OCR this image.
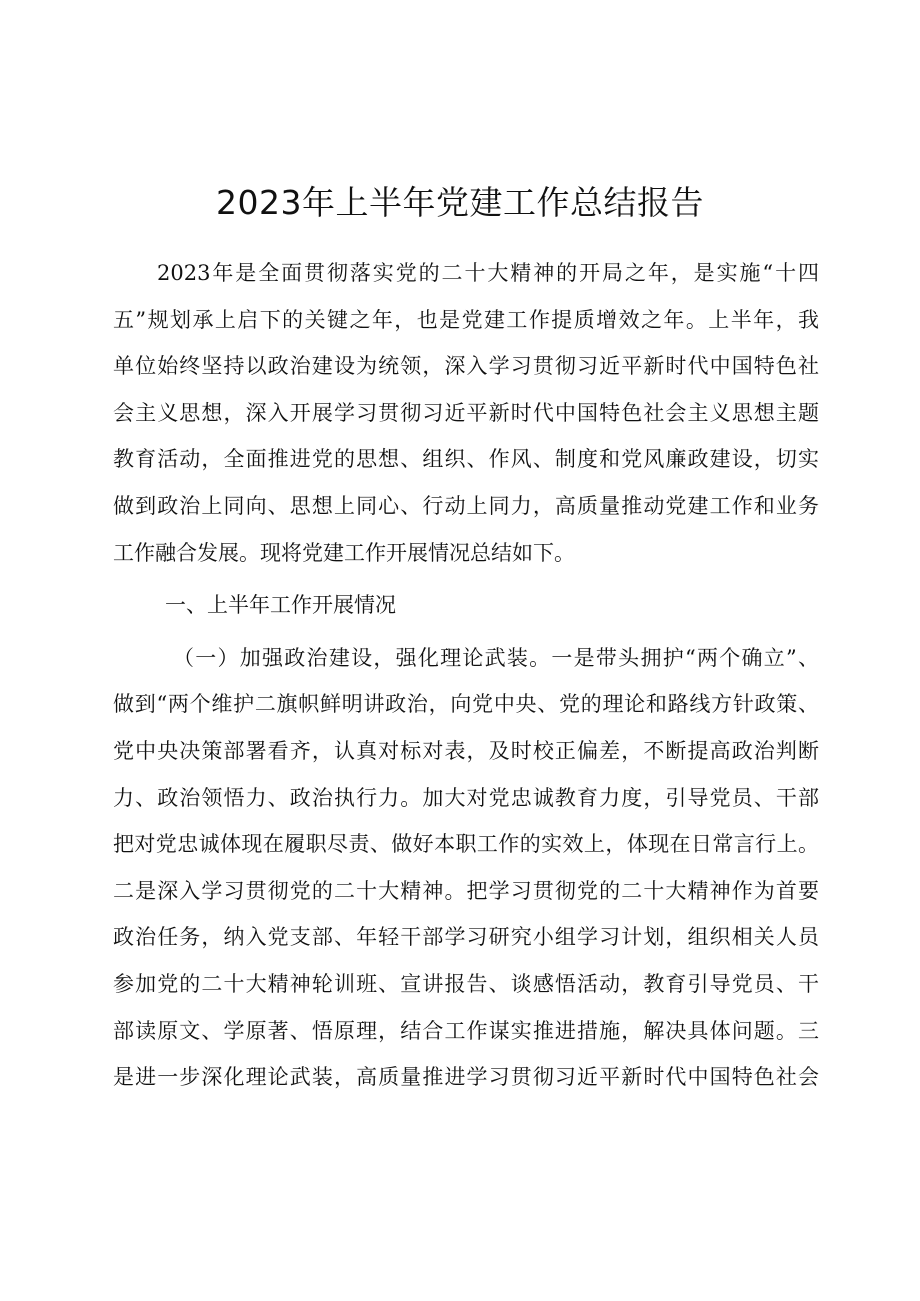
2023年上半年党建工作总结报告
2023年是全面贯彻落实党的二十大精神的开局之年，是实施“十四
五”规划承上启下的关键之年，也是党建工作提质增效之年。上半年，我
单位始终坚持以政治建设为统领，深入学习贯彻习近平新时代中国特色社
会主义思想，深入开展学习贯彻习近平新时代中国特色社会主义思想主题
教育活动，全面推进党的思想、组织、作风、制度和党风廉政建设，切实
做到政治上同向、思想上同心、行动上同力，高质量推动党建工作和业务
工作融合发展。现将党建工作开展情况总结如下。
一、上半年工作开展情况
（一）加强政治建设，强化理论武装。一是带头拥护“两个确立”、
做到“两个维护二旗帜鲜明讲政治，向党中央、党的理论和路线方针政策、
党中央决策部署看齐，认真对标对表，及时校正偏差，不断提高政治判断
力、政治领悟力、政治执行力。加大对党忠诚教育力度，引导党员、干部
把对党忠诚体现在履职尽责、做好本职工作的实效上，体现在日常言行上。
二是深入学习贯彻党的二十大精神。把学习贯彻党的二十大精神作为首要
政治任务，纳入党支部、年轻干部学习研究小组学习计划，组织相关人员
参加党的二十大精神轮训班、宣讲报告、谈感悟活动，教育引导党员、干
部读原文、学原著、悟原理，结合工作谋实推进措施，解决具体问题。三
是进一步深化理论武装，高质量推进学习贯彻习近平新时代中国特色社会
